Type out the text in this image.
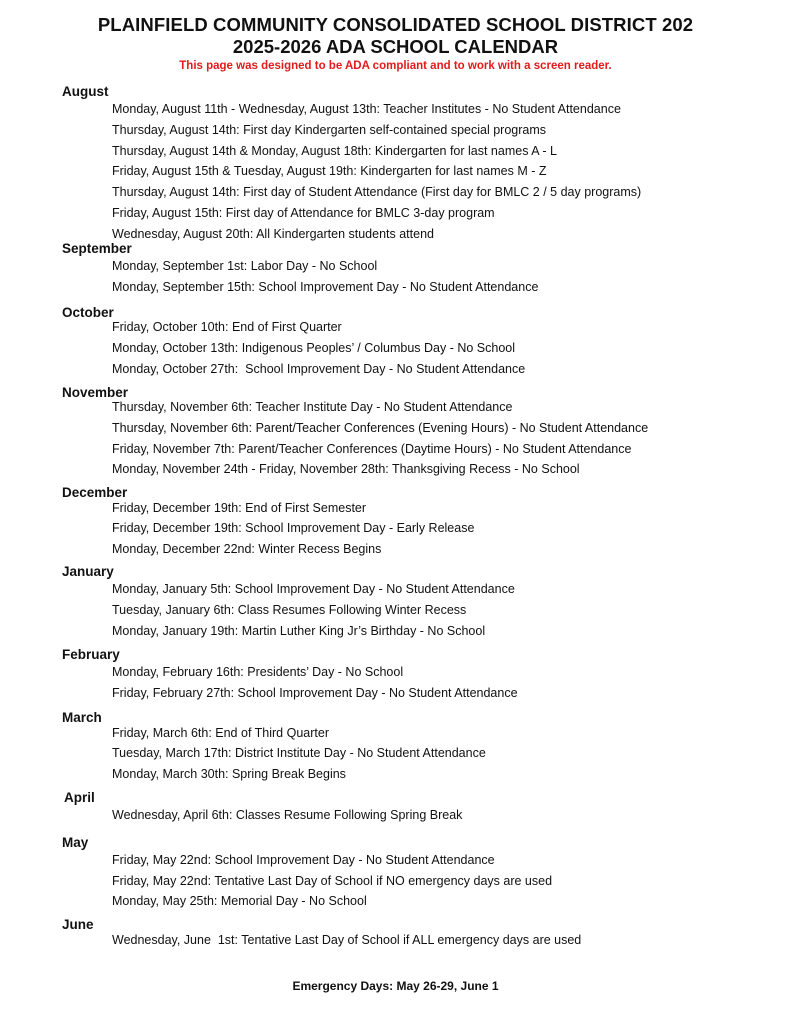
PLAINFIELD COMMUNITY CONSOLIDATED SCHOOL DISTRICT 202
2025-2026 ADA SCHOOL CALENDAR

This page was designed to be ADA compliant and to work with a screen reader.

August

Monday, August 11th - Wednesday, August 13th: Teacher Institutes - No Student Attendance

Thursday, August 14th: First day Kindergarten self-contained special programs

Thursday, August 14th & Monday, August 18th: Kindergarten for last names A - L

Friday, August 15th & Tuesday, August 19th: Kindergarten for last names M - Z

Thursday, August 14th: First day of Student Attendance (First day for BMLC 2 / 5 day programs)

Friday, August 15th: First day of Attendance for BMLC 3-day program

Wednesday, August 20th: All Kindergarten students attend

September

Monday, September 1st: Labor Day - No School

Monday, September 15th: School Improvement Day - No Student Attendance

October

Friday, October 10th: End of First Quarter

Monday, October 13th: Indigenous Peoples’ / Columbus Day - No School

Monday, October 27th:  School Improvement Day - No Student Attendance

November

Thursday, November 6th: Teacher Institute Day - No Student Attendance

Thursday, November 6th: Parent/Teacher Conferences (Evening Hours) - No Student Attendance

Friday, November 7th: Parent/Teacher Conferences (Daytime Hours) - No Student Attendance

Monday, November 24th - Friday, November 28th: Thanksgiving Recess - No School

December

Friday, December 19th: End of First Semester

Friday, December 19th: School Improvement Day - Early Release

Monday, December 22nd: Winter Recess Begins

January

Monday, January 5th: School Improvement Day - No Student Attendance

Tuesday, January 6th: Class Resumes Following Winter Recess

Monday, January 19th: Martin Luther King Jr’s Birthday - No School

February

Monday, February 16th: Presidents’ Day - No School

Friday, February 27th: School Improvement Day - No Student Attendance

March

Friday, March 6th: End of Third Quarter

Tuesday, March 17th: District Institute Day - No Student Attendance

Monday, March 30th: Spring Break Begins

April

Wednesday, April 6th: Classes Resume Following Spring Break

May

Friday, May 22nd: School Improvement Day - No Student Attendance

Friday, May 22nd: Tentative Last Day of School if NO emergency days are used

Monday, May 25th: Memorial Day - No School

June

Wednesday, June  1st: Tentative Last Day of School if ALL emergency days are used

Emergency Days: May 26-29, June 1
